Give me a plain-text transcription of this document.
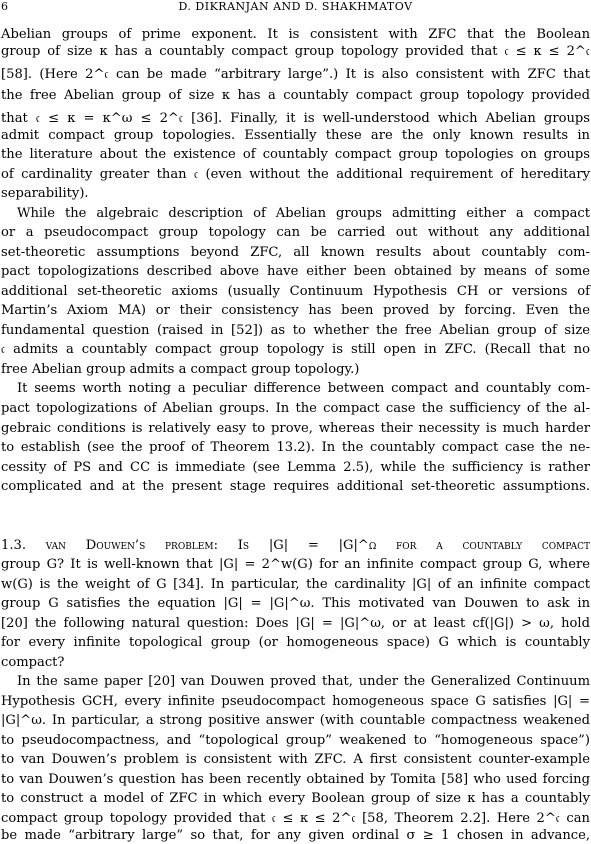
6	D. DIKRANJAN AND D. SHAKHMATOV
Abelian groups of prime exponent. It is consistent with ZFC that the Boolean
group of size κ has a countably compact group topology provided that 𝔠 ≤ κ ≤ 2^𝔠
[58]. (Here 2^𝔠 can be made “arbitrary large”.) It is also consistent with ZFC that
the free Abelian group of size κ has a countably compact group topology provided
that 𝔠 ≤ κ = κ^ω ≤ 2^𝔠 [36]. Finally, it is well-understood which Abelian groups
admit compact group topologies. Essentially these are the only known results in
the literature about the existence of countably compact group topologies on groups
of cardinality greater than 𝔠 (even without the additional requirement of hereditary
separability).
While the algebraic description of Abelian groups admitting either a compact
or a pseudocompact group topology can be carried out without any additional
set-theoretic assumptions beyond ZFC, all known results about countably com-
pact topologizations described above have either been obtained by means of some
additional set-theoretic axioms (usually Continuum Hypothesis CH or versions of
Martin’s Axiom MA) or their consistency has been proved by forcing. Even the
fundamental question (raised in [52]) as to whether the free Abelian group of size
𝔠 admits a countably compact group topology is still open in ZFC. (Recall that no
free Abelian group admits a compact group topology.)
It seems worth noting a peculiar difference between compact and countably com-
pact topologizations of Abelian groups. In the compact case the sufficiency of the al-
gebraic conditions is relatively easy to prove, whereas their necessity is much harder
to establish (see the proof of Theorem 13.2). In the countably compact case the ne-
cessity of PS and CC is immediate (see Lemma 2.5), while the sufficiency is rather
complicated and at the present stage requires additional set-theoretic assumptions.
1.3. van Douwen’s problem: Is |G| = |G|^ω for a countably compact
group G? It is well-known that |G| = 2^w(G) for an infinite compact group G, where
w(G) is the weight of G [34]. In particular, the cardinality |G| of an infinite compact
group G satisfies the equation |G| = |G|^ω. This motivated van Douwen to ask in
[20] the following natural question: Does |G| = |G|^ω, or at least cf(|G|) > ω, hold
for every infinite topological group (or homogeneous space) G which is countably
compact?
In the same paper [20] van Douwen proved that, under the Generalized Continuum
Hypothesis GCH, every infinite pseudocompact homogeneous space G satisfies |G| =
|G|^ω. In particular, a strong positive answer (with countable compactness weakened
to pseudocompactness, and “topological group” weakened to “homogeneous space”)
to van Douwen’s problem is consistent with ZFC. A first consistent counter-example
to van Douwen’s question has been recently obtained by Tomita [58] who used forcing
to construct a model of ZFC in which every Boolean group of size κ has a countably
compact group topology provided that 𝔠 ≤ κ ≤ 2^𝔠 [58, Theorem 2.2]. Here 2^𝔠 can
be made “arbitrary large” so that, for any given ordinal σ ≥ 1 chosen in advance,
